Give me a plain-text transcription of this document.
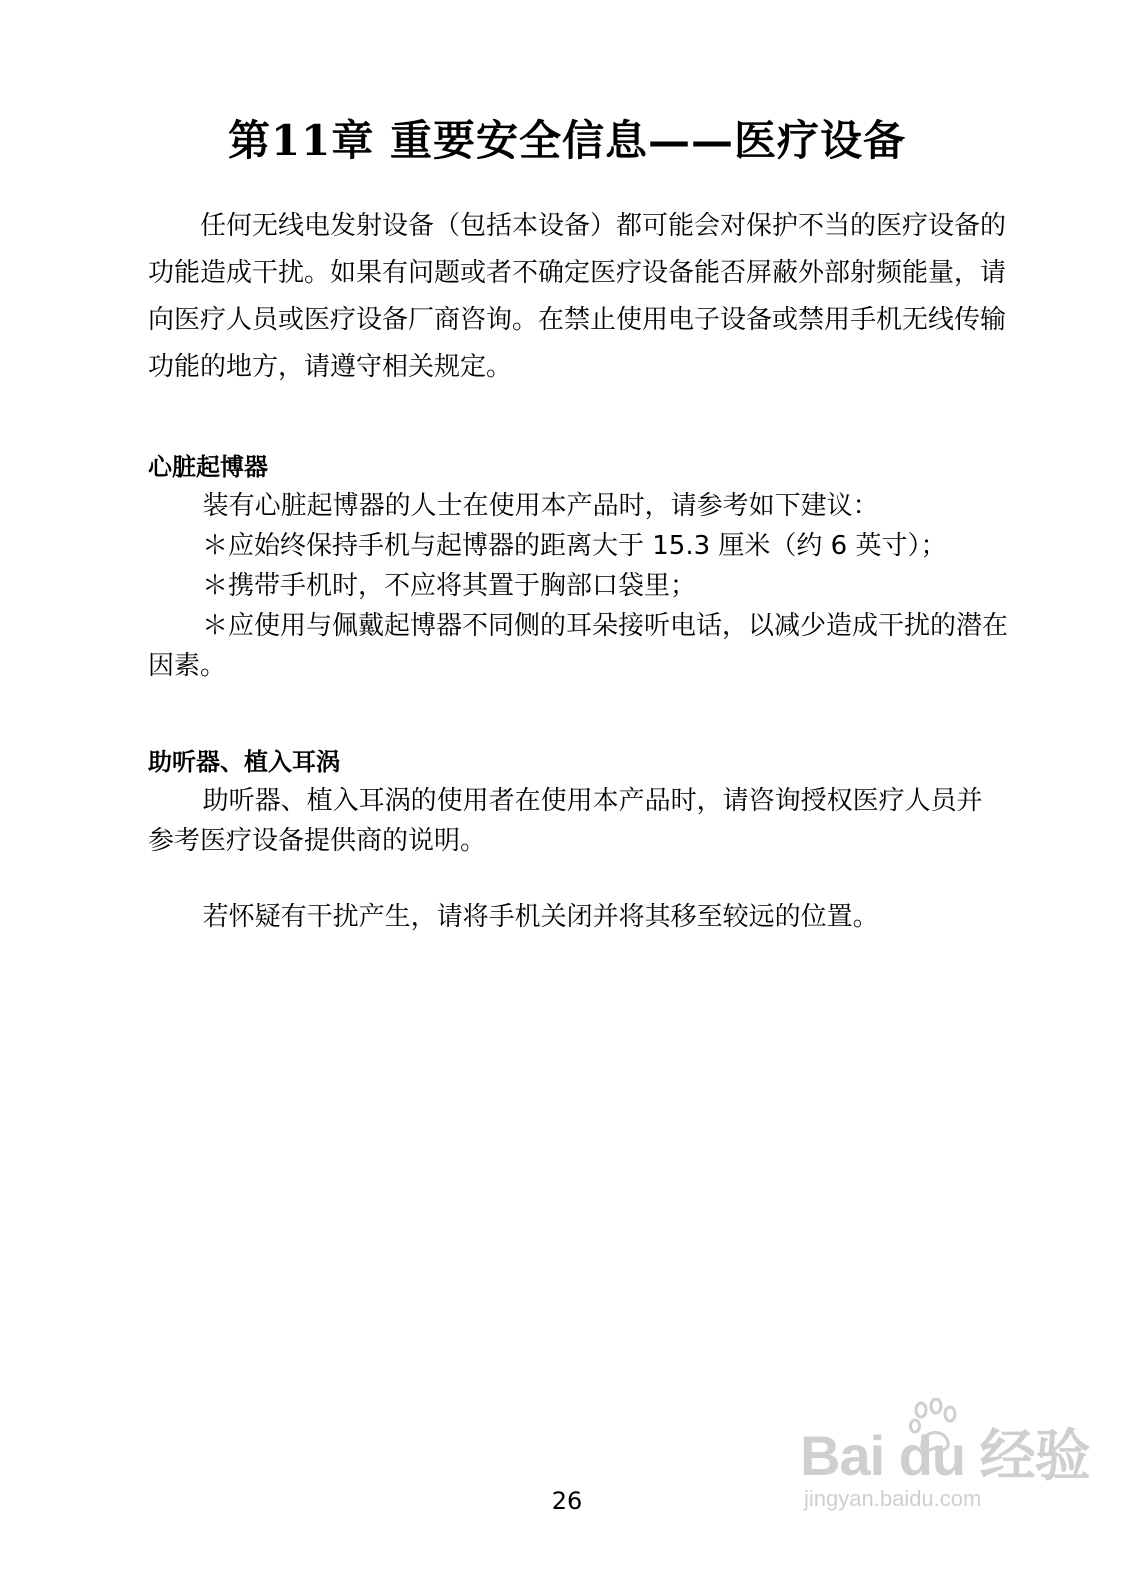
第11章 重要安全信息——医疗设备

任何无线电发射设备（包括本设备）都可能会对保护不当的医疗设备的功能造成干扰。如果有问题或者不确定医疗设备能否屏蔽外部射频能量，请向医疗人员或医疗设备厂商咨询。在禁止使用电子设备或禁用手机无线传输功能的地方，请遵守相关规定。

心脏起博器

装有心脏起博器的人士在使用本产品时，请参考如下建议：

＊应始终保持手机与起博器的距离大于 15.3 厘米（约 6 英寸）；

＊携带手机时，不应将其置于胸部口袋里；

＊应使用与佩戴起博器不同侧的耳朵接听电话，以减少造成干扰的潜在因素。

助听器、植入耳涡

助听器、植入耳涡的使用者在使用本产品时，请咨询授权医疗人员并参考医疗设备提供商的说明。

若怀疑有干扰产生，请将手机关闭并将其移至较远的位置。

Bai du 经验
jingyan.baidu.com
26
